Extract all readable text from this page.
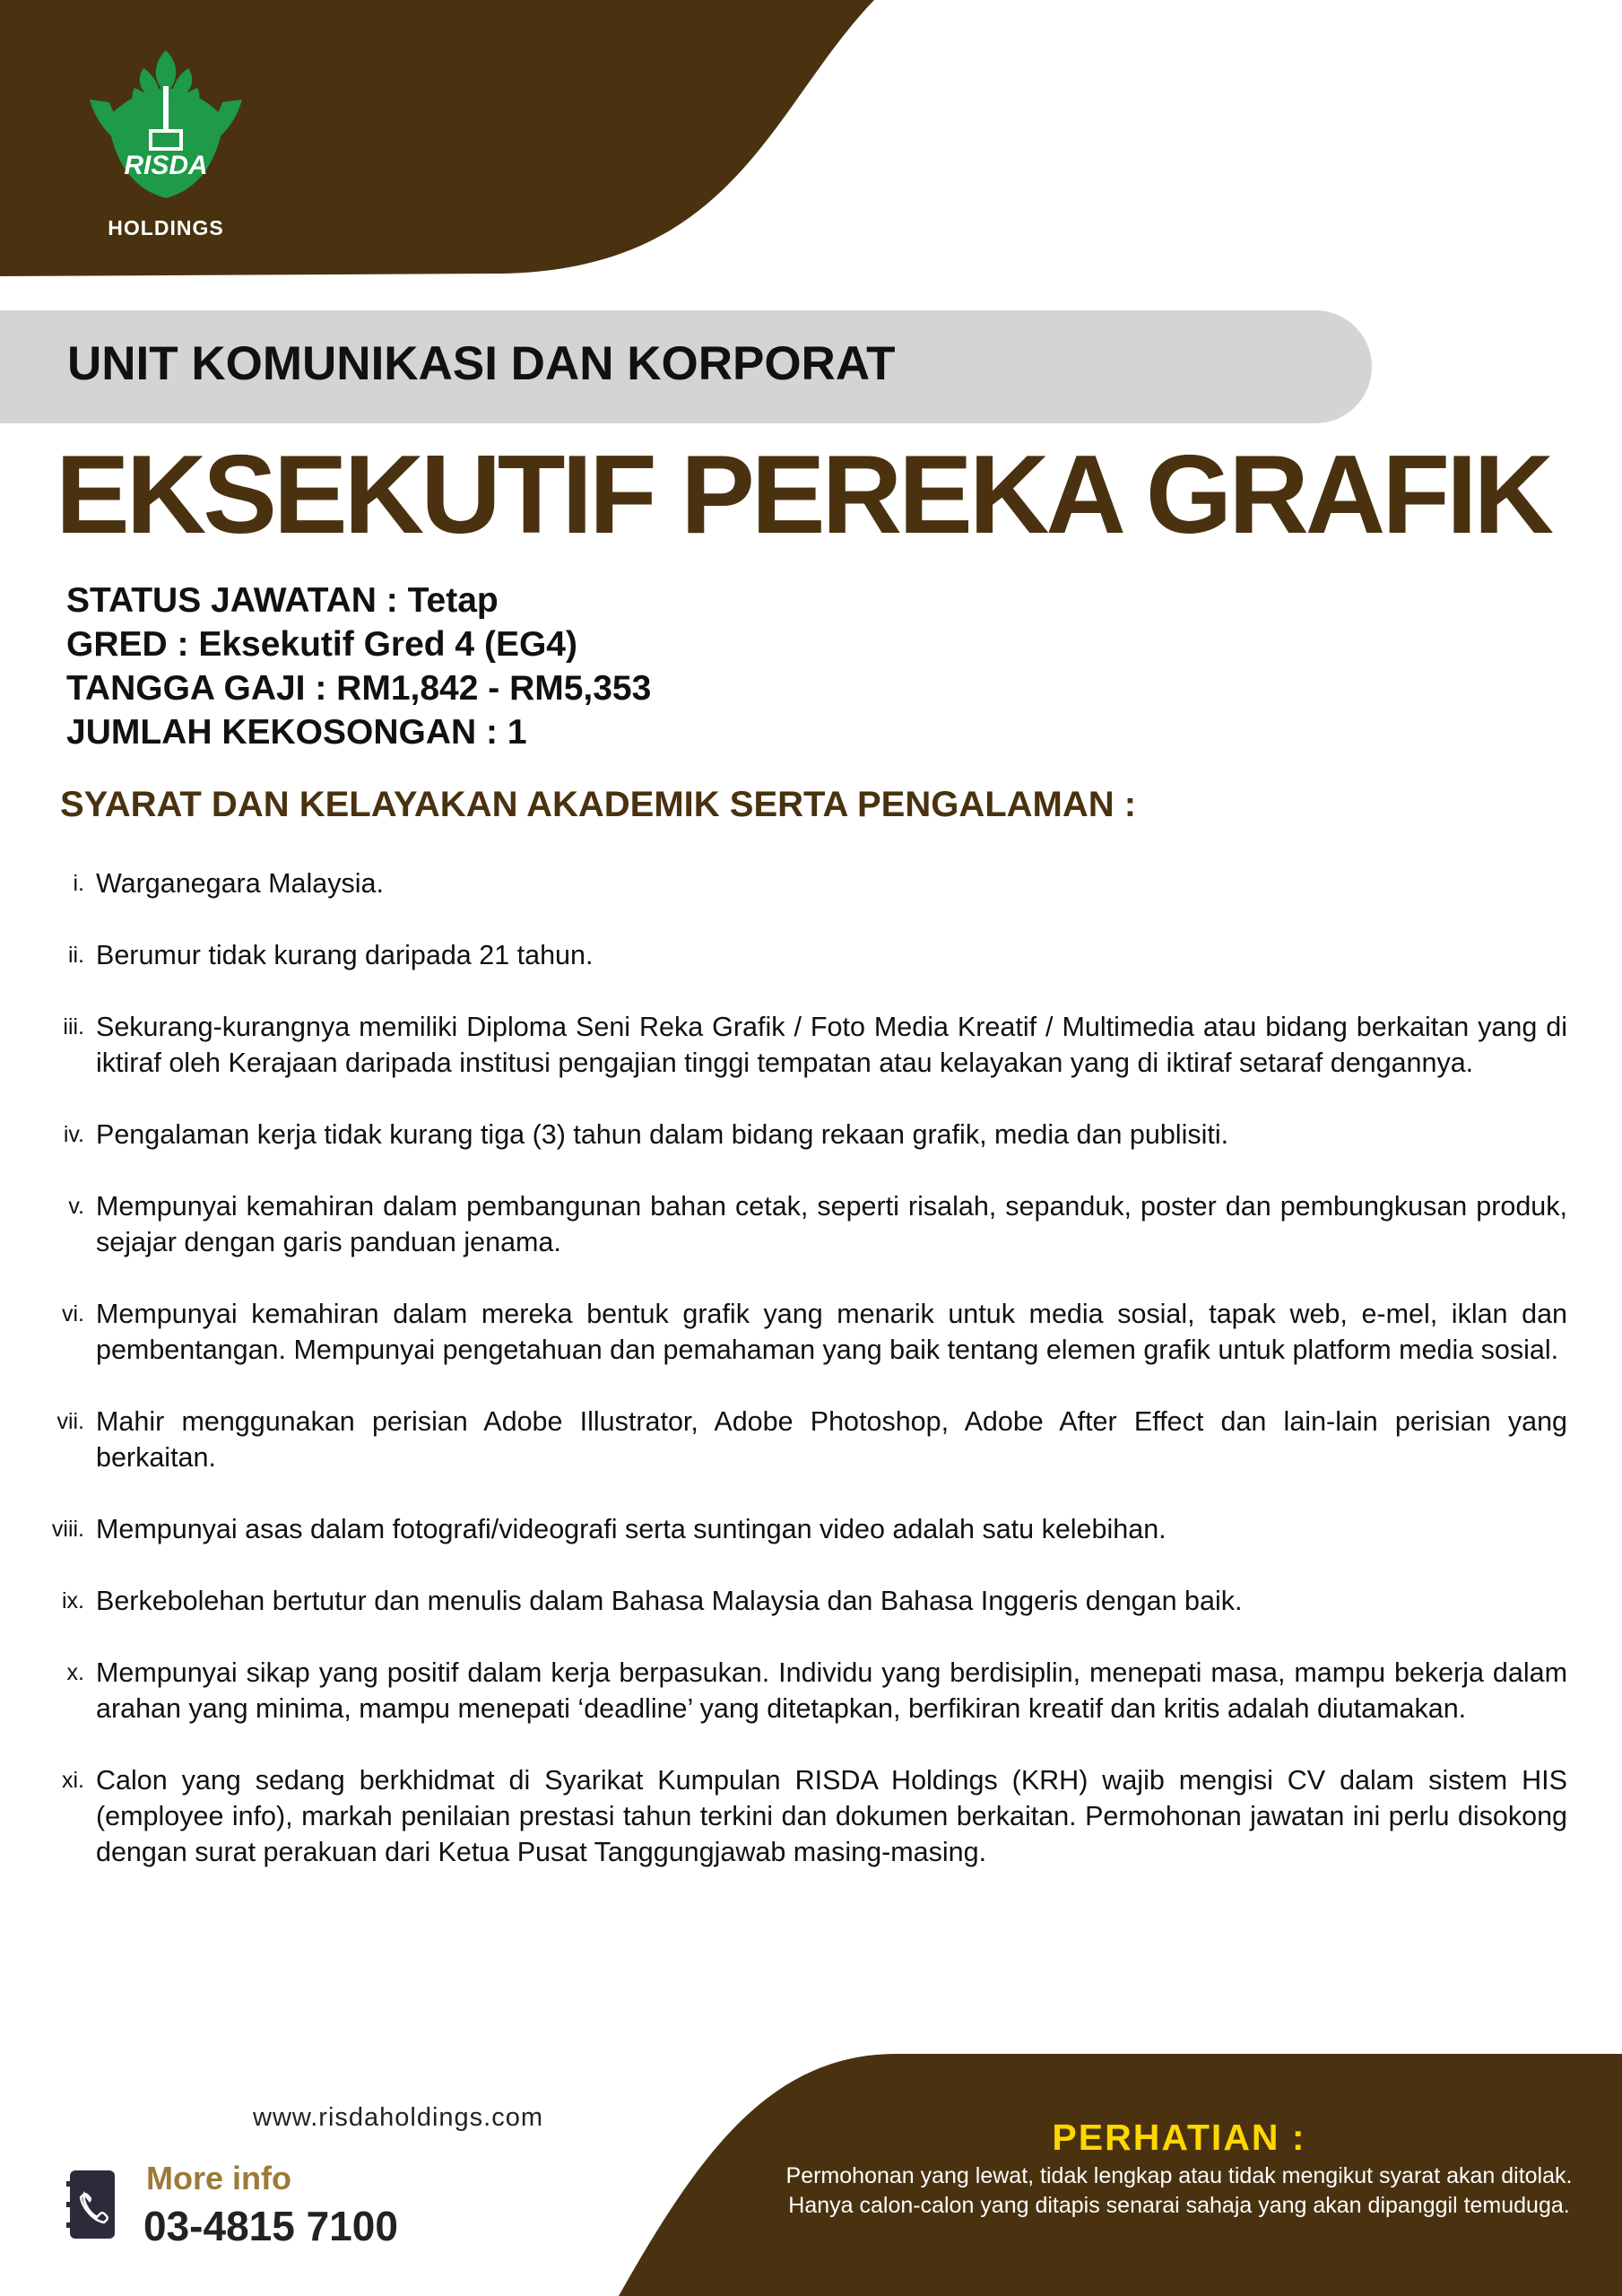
RISDA
HOLDINGS
UNIT KOMUNIKASI DAN KORPORAT
EKSEKUTIF PEREKA GRAFIK
STATUS JAWATAN : Tetap
GRED : Eksekutif Gred 4 (EG4)
TANGGA GAJI : RM1,842 - RM5,353
JUMLAH KEKOSONGAN : 1
SYARAT DAN KELAYAKAN AKADEMIK SERTA PENGALAMAN :
i. Warganegara Malaysia.
ii. Berumur tidak kurang daripada 21 tahun.
iii. Sekurang-kurangnya memiliki Diploma Seni Reka Grafik / Foto Media Kreatif / Multimedia atau bidang berkaitan yang di iktiraf oleh Kerajaan daripada institusi pengajian tinggi tempatan atau kelayakan yang di iktiraf setaraf dengannya.
iv. Pengalaman kerja tidak kurang tiga (3) tahun dalam bidang rekaan grafik, media dan publisiti.
v. Mempunyai kemahiran dalam pembangunan bahan cetak, seperti risalah, sepanduk, poster dan pembungkusan produk, sejajar dengan garis panduan jenama.
vi. Mempunyai kemahiran dalam mereka bentuk grafik yang menarik untuk media sosial, tapak web, e-mel, iklan dan pembentangan. Mempunyai pengetahuan dan pemahaman yang baik tentang elemen grafik untuk platform media sosial.
vii. Mahir menggunakan perisian Adobe Illustrator, Adobe Photoshop, Adobe After Effect dan lain-lain perisian yang berkaitan.
viii. Mempunyai asas dalam fotografi/videografi serta suntingan video adalah satu kelebihan.
ix. Berkebolehan bertutur dan menulis dalam Bahasa Malaysia dan Bahasa Inggeris dengan baik.
x. Mempunyai sikap yang positif dalam kerja berpasukan. Individu yang berdisiplin, menepati masa, mampu bekerja dalam arahan yang minima, mampu menepati ‘deadline’ yang ditetapkan, berfikiran kreatif dan kritis adalah diutamakan.
xi. Calon yang sedang berkhidmat di Syarikat Kumpulan RISDA Holdings (KRH) wajib mengisi CV dalam sistem HIS (employee info), markah penilaian prestasi tahun terkini dan dokumen berkaitan. Permohonan jawatan ini perlu disokong dengan surat perakuan dari Ketua Pusat Tanggungjawab masing-masing.
www.risdaholdings.com
More info
03-4815 7100
PERHATIAN :
Permohonan yang lewat, tidak lengkap atau tidak mengikut syarat akan ditolak. Hanya calon-calon yang ditapis senarai sahaja yang akan dipanggil temuduga.
